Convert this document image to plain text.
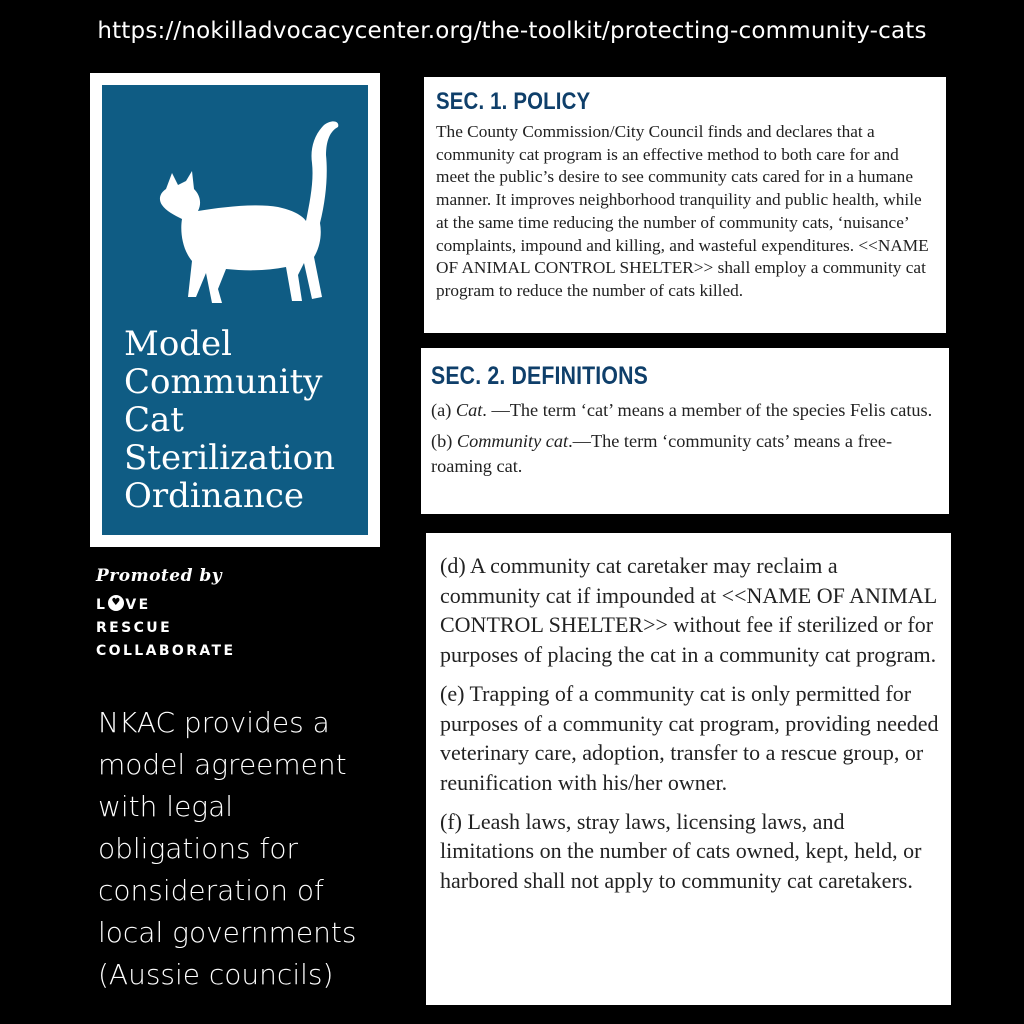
https://nokilladvocacycenter.org/the-toolkit/protecting-community-cats
Model
Community
Cat
Sterilization
Ordinance
Promoted by
L♥ VE
RESCUE
COLLABORATE
NKAC provides a model agreement with legal obligations for consideration of local governments (Aussie councils)
SEC. 1. POLICY

The County Commission/City Council finds and declares that a community cat program is an effective method to both care for and meet the public’s desire to see community cats cared for in a humane manner. It improves neighborhood tranquility and public health, while at the same time reducing the number of community cats, ‘nuisance’ complaints, impound and killing, and wasteful expenditures. <<NAME OF ANIMAL CONTROL SHELTER>> shall employ a community cat program to reduce the number of cats killed.

SEC. 2. DEFINITIONS

(a) Cat. —The term ‘cat’ means a member of the species Felis catus.

(b) Community cat.—The term ‘community cats’ means a free-roaming cat.

(d) A community cat caretaker may reclaim a community cat if impounded at <<NAME OF ANIMAL CONTROL SHELTER>> without fee if sterilized or for purposes of placing the cat in a community cat program.

(e) Trapping of a community cat is only permitted for purposes of a community cat program, providing needed veterinary care, adoption, transfer to a rescue group, or reunification with his/her owner.

(f) Leash laws, stray laws, licensing laws, and limitations on the number of cats owned, kept, held, or harbored shall not apply to community cat caretakers.
